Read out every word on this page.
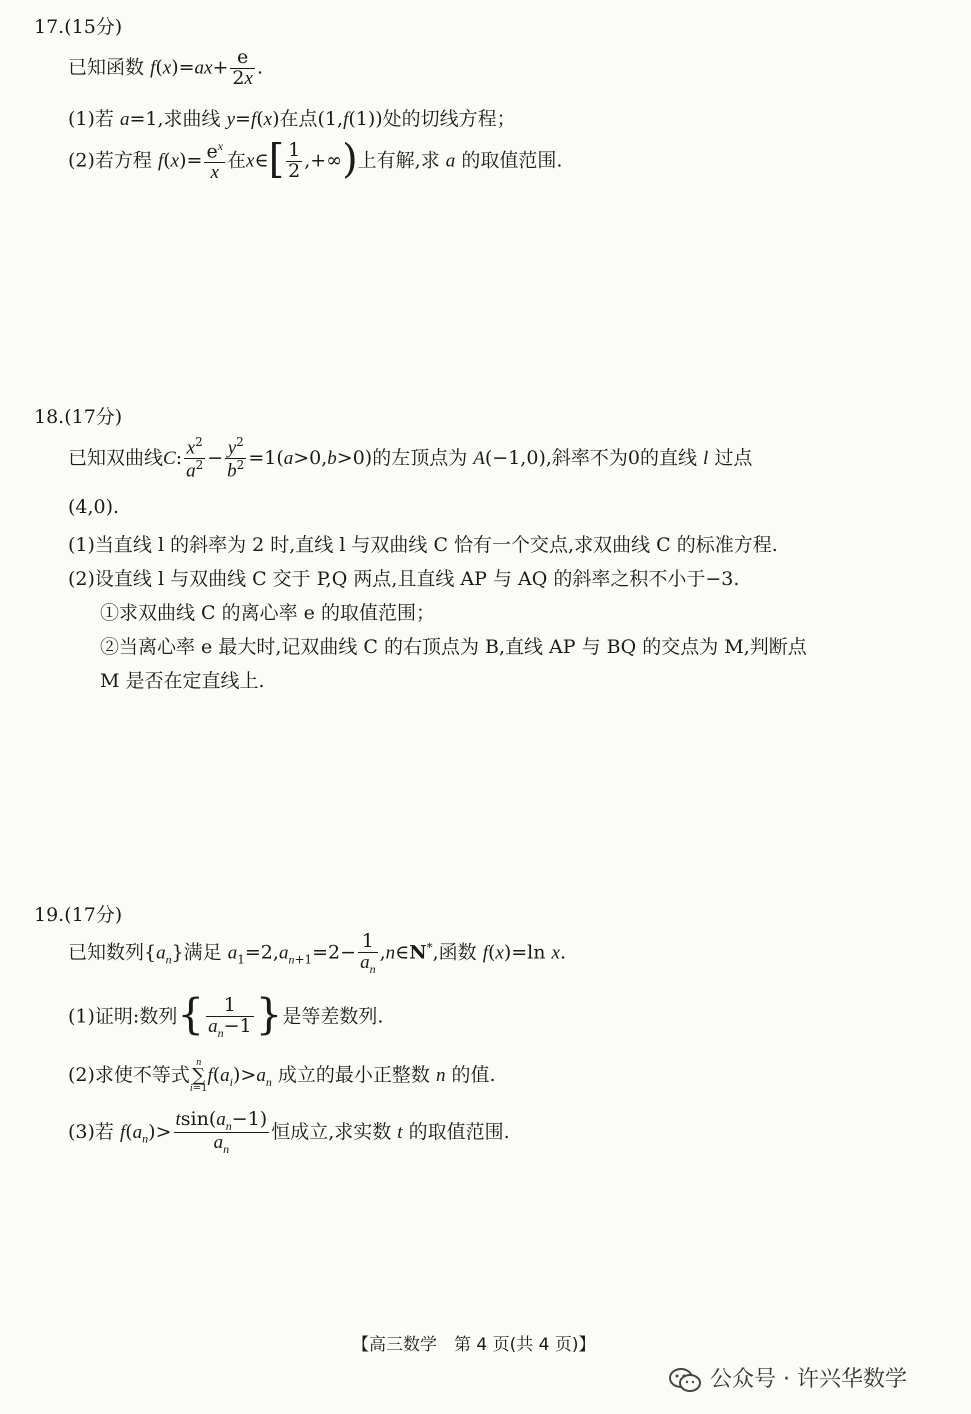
17.(15分)
已知函数 $f(x)=ax+ \frac{e}{2x}$ .
(1)若 a=1,求曲线 y=f(x)在点(1,f(1))处的切线方程；
(2)若方程 $f(x)= \frac{e^x}{x}$ 在x∈[ $\frac{1}{2}$ ,+∞)上有解,求 a 的取值范围.
18.(17分)
已知双曲线C: $\frac{x^2}{a^2} - \frac{y^2}{b^2} =1(a>0,b>0)$的左顶点为 A(−1,0),斜率不为0的直线 l 过点
(4,0).
(1)当直线 l 的斜率为 2 时,直线 l 与双曲线 C 恰有一个交点,求双曲线 C 的标准方程.
(2)设直线 l 与双曲线 C 交于 P,Q 两点,且直线 AP 与 AQ 的斜率之积不小于−3.
①求双曲线 C 的离心率 e 的取值范围；
②当离心率 e 最大时,记双曲线 C 的右顶点为 B,直线 AP 与 BQ 的交点为 M,判断点
M 是否在定直线上.
19.(17分)
已知数列$\{a_n\}$满足 $a_1=2,a_{n+1}=2- \frac{1}{a_n}$ ,n∈N*,函数 f(x)=ln x.
(1)证明:数列{ $\frac{1}{a_n-1}$ }是等差数列.
(2)求使不等式n
∑
$i=1f(a_i)>a_n$ 成立的最小正整数 n 的值.
(3)若 $f(a_n)> \frac{tsin(a_n-1)}{a_n}$ 恒成立,求实数 t 的取值范围.
【高三数学　第 4 页(共 4 页)】
公众号 · 许兴华数学
